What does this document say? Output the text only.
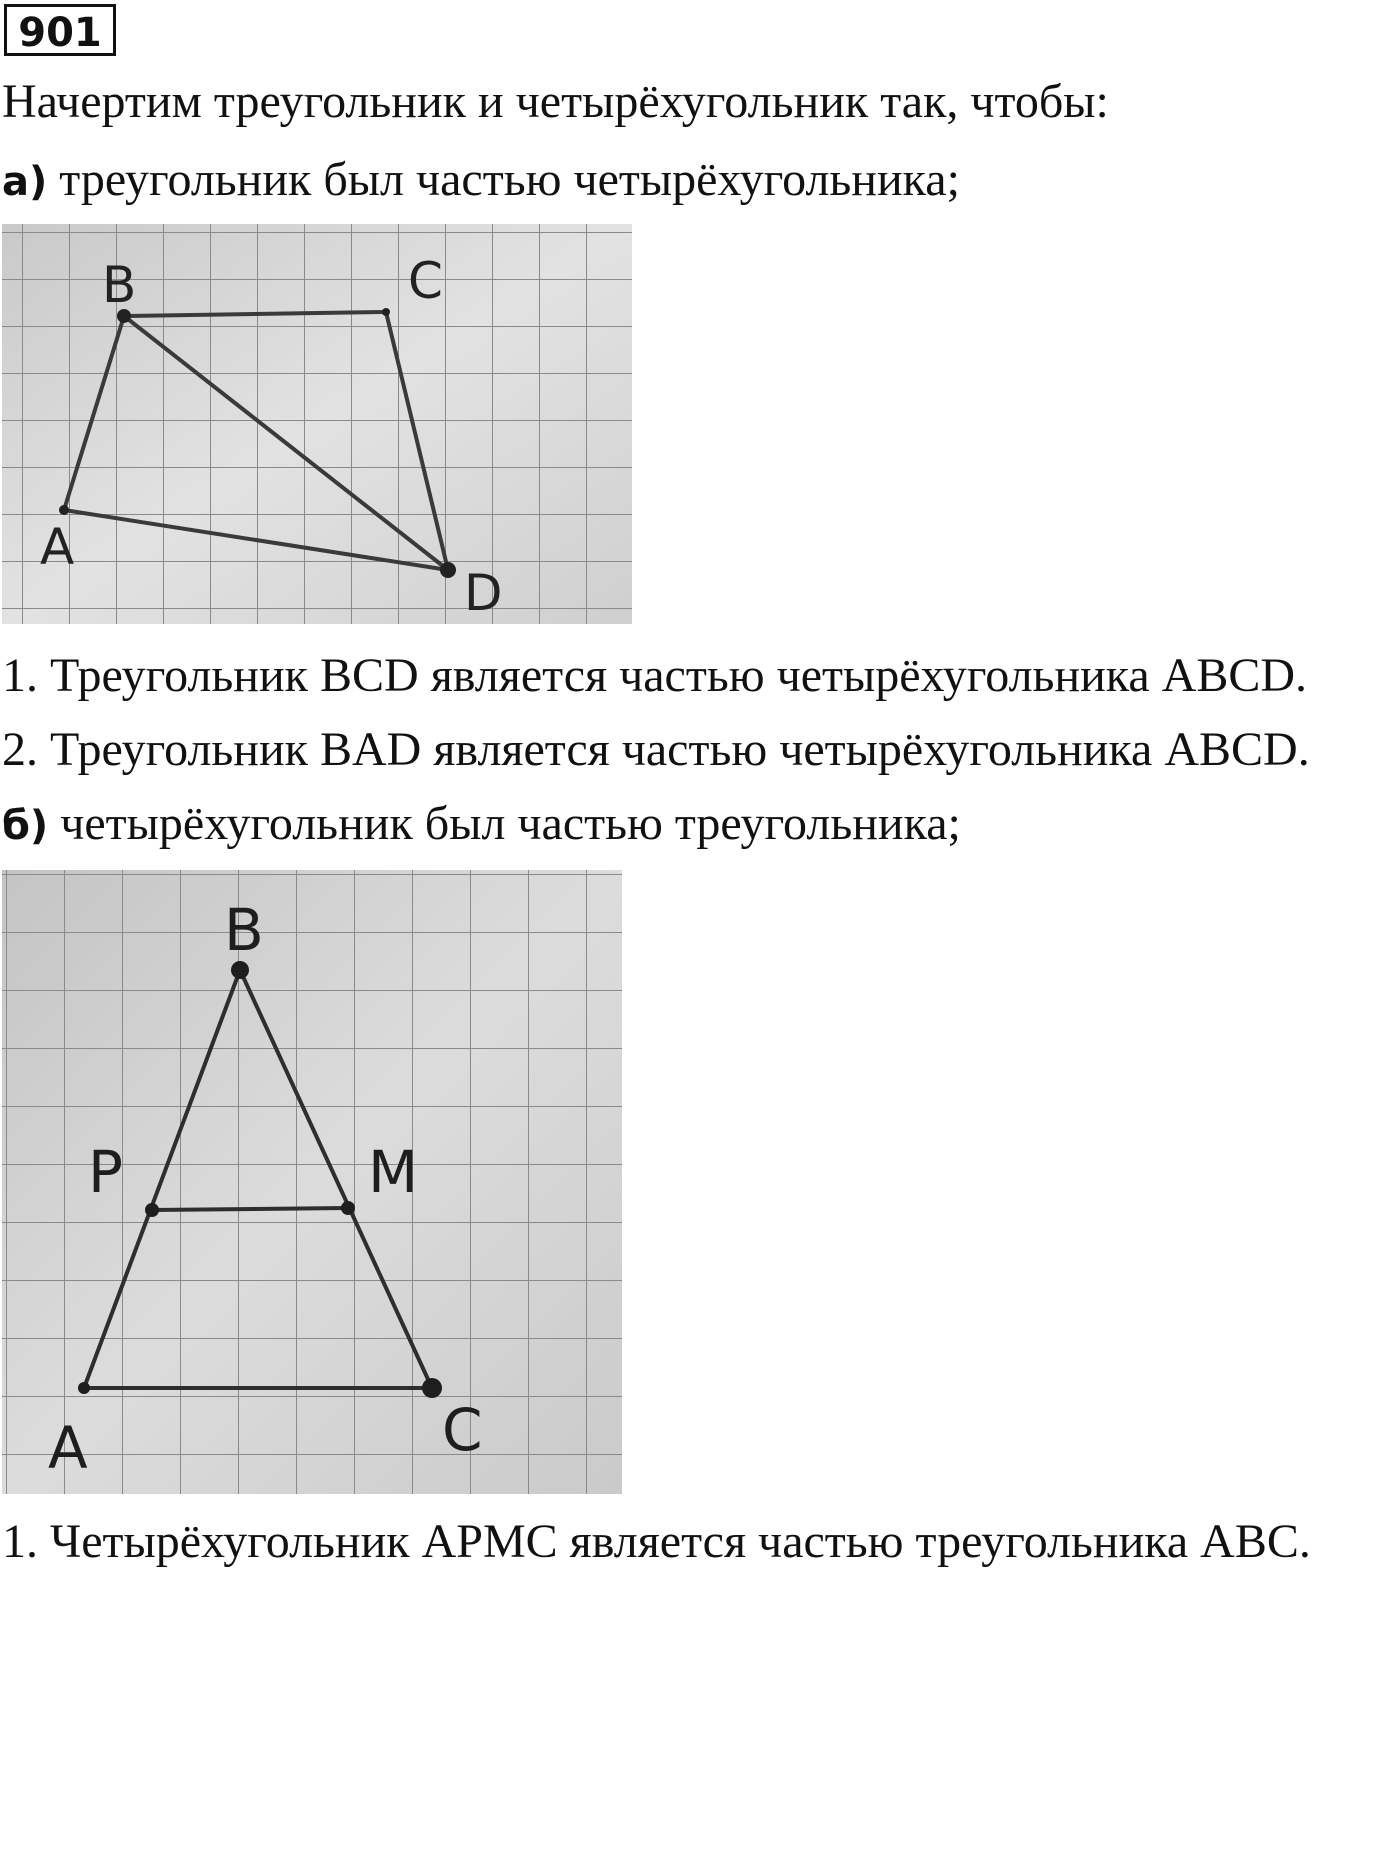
901
Начертим треугольник и четырёхугольник так, чтобы:
а) треугольник был частью четырёхугольника;
B	C
A
D
1. Треугольник BCD является частью четырёхугольника ABCD.
2. Треугольник BAD является частью четырёхугольника ABCD.
б) четырёхугольник был частью треугольника;
B
P	M
A	C
1. Четырёхугольник APMC является частью треугольника ABC.
